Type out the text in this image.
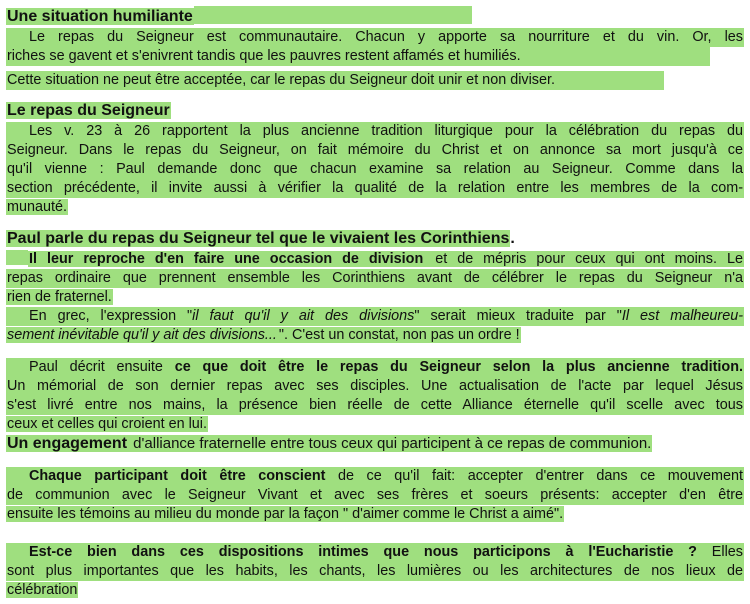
Une situation humiliante
Le repas du Seigneur est communautaire. Chacun y apporte sa nourriture et du vin. Or, les
riches se gavent et s'enivrent tandis que les pauvres restent affamés et humiliés.
Cette situation ne peut être acceptée, car le repas du Seigneur doit unir et non diviser.
Le repas du Seigneur
Les v. 23 à 26 rapportent la plus ancienne tradition liturgique pour la célébration du repas du
Seigneur. Dans le repas du Seigneur, on fait mémoire du Christ et on annonce sa mort jusqu'à ce
qu'il vienne : Paul demande donc que chacun examine sa relation au Seigneur. Comme dans la
section précédente, il invite aussi à vérifier la qualité de la relation entre les membres de la com-
munauté.
Paul parle du repas du Seigneur tel que le vivaient les Corinthiens.
Il leur reproche d'en faire une occasion de division et de mépris pour ceux qui ont moins. Le
repas ordinaire que prennent ensemble les Corinthiens avant de célébrer le repas du Seigneur n'a
rien de fraternel.
En grec, l'expression "il faut qu'il y ait des divisions" serait mieux traduite par "Il est malheureu-
sement inévitable qu'il y ait des divisions... ". C'est un constat, non pas un ordre !
Paul décrit ensuite ce que doit être le repas du Seigneur selon la plus ancienne tradition.
Un mémorial de son dernier repas avec ses disciples. Une actualisation de l'acte par lequel Jésus
s'est livré entre nos mains, la présence bien réelle de cette Alliance éternelle qu'il scelle avec tous
ceux et celles qui croient en lui.
Un engagement d'alliance fraternelle entre tous ceux qui participent à ce repas de communion.
Chaque participant doit être conscient de ce qu'il fait: accepter d'entrer dans ce mouvement
de communion avec le Seigneur Vivant et avec ses frères et soeurs présents: accepter d'en être
ensuite les témoins au milieu du monde par la façon " d'aimer comme le Christ a aimé".
Est-ce bien dans ces dispositions intimes que nous participons à l'Eucharistie ? Elles
sont plus importantes que les habits, les chants, les lumières ou les architectures de nos lieux de
célébration
